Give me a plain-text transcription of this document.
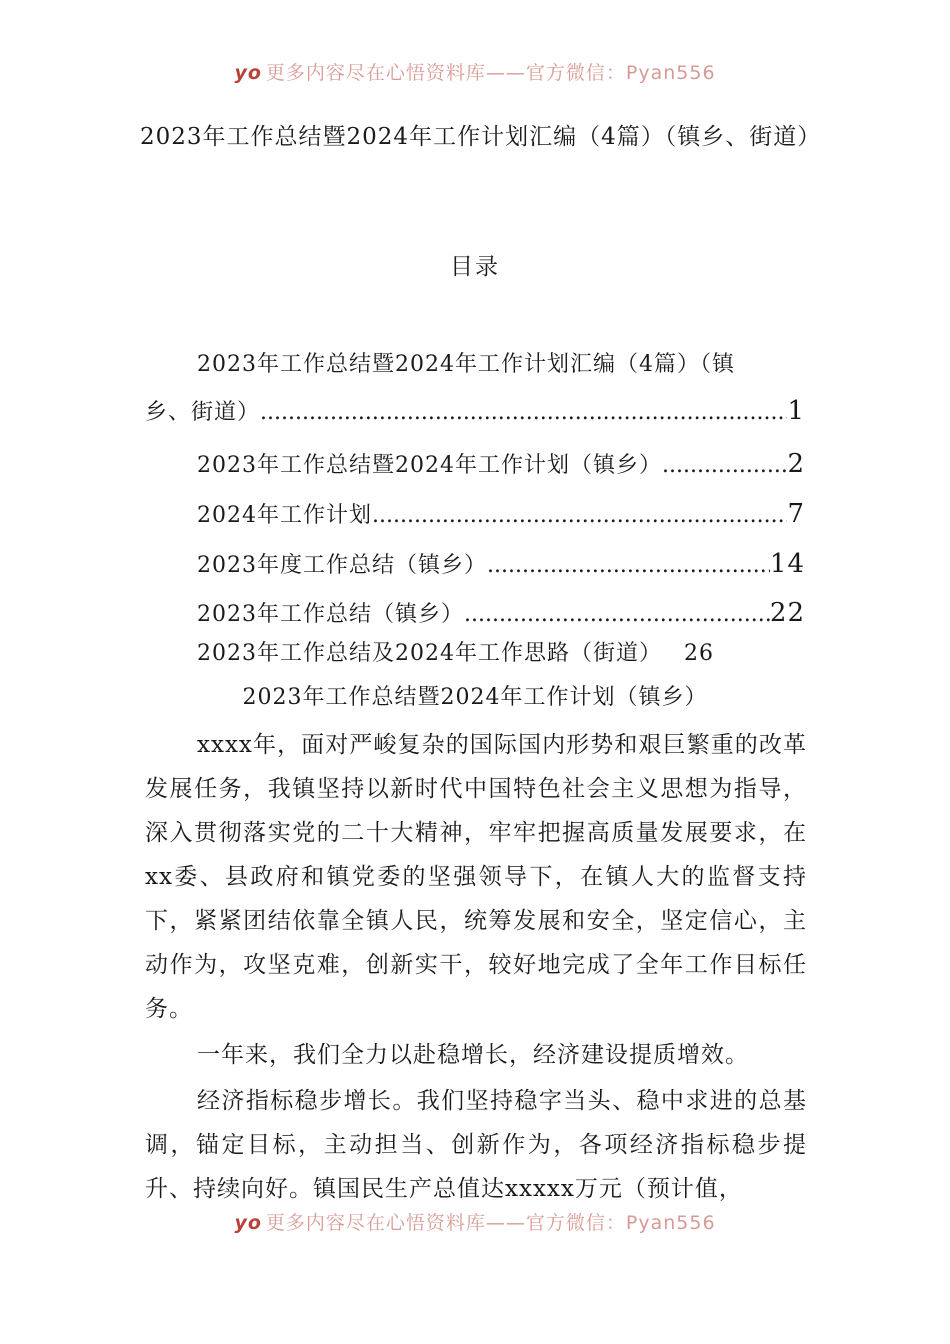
yo 更多内容尽在心悟资料库——官方微信：Pyan556
2023年工作总结暨2024年工作计划汇编（4篇）（镇乡、街道）
目录
2023年工作总结暨2024年工作计划汇编（4篇）（镇
乡、街道） .....	1
2023年工作总结暨2024年工作计划（镇乡） .....	2
2024年工作计划 .....	7
2023年度工作总结（镇乡） .....	14
2023年工作总结（镇乡） .....	22
2023年工作总结及2024年工作思路（街道） 26
2023年工作总结暨2024年工作计划（镇乡）

xxxx年，面对严峻复杂的国际国内形势和艰巨繁重的改革发展任务，我镇坚持以新时代中国特色社会主义思想为指导，深入贯彻落实党的二十大精神，牢牢把握高质量发展要求，在xx委、县政府和镇党委的坚强领导下，在镇人大的监督支持下，紧紧团结依靠全镇人民，统筹发展和安全，坚定信心，主动作为，攻坚克难，创新实干，较好地完成了全年工作目标任务。

一年来，我们全力以赴稳增长，经济建设提质增效。

经济指标稳步增长。我们坚持稳字当头、稳中求进的总基调，锚定目标，主动担当、创新作为，各项经济指标稳步提升、持续向好。镇国民生产总值达xxxxx万元（预计值，

yo 更多内容尽在心悟资料库——官方微信：Pyan556
